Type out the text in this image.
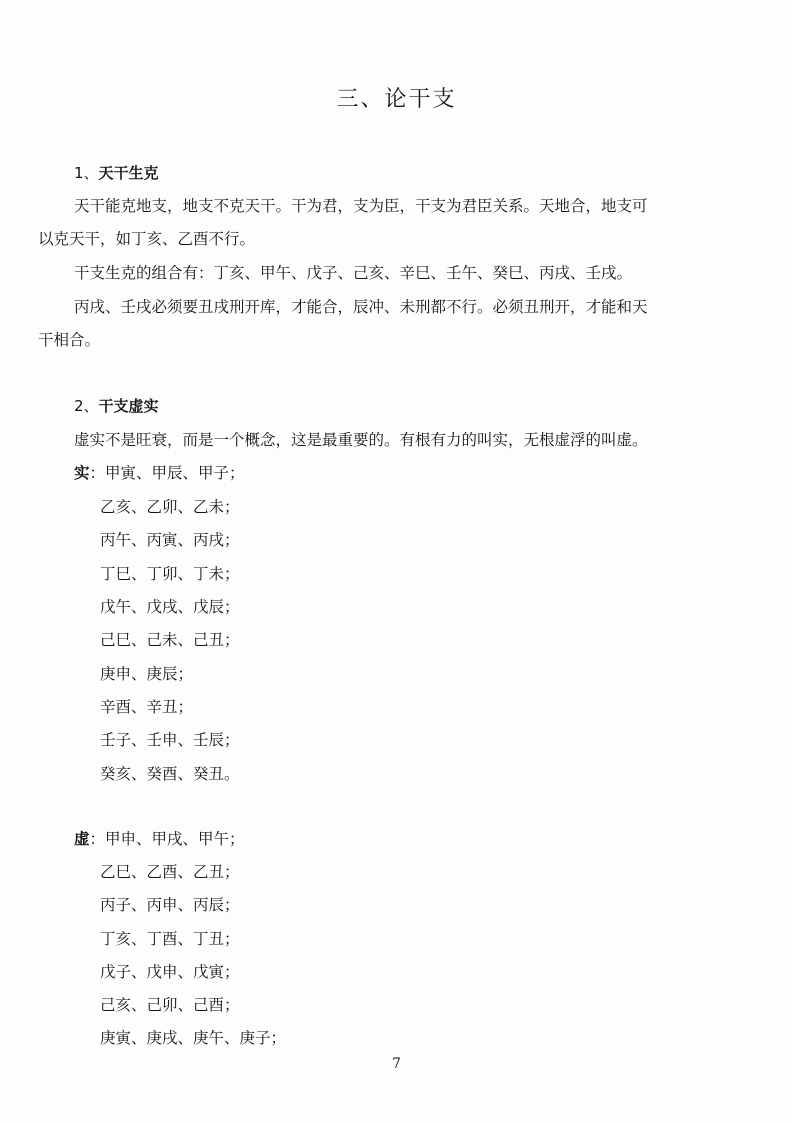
三、论干支
1、天干生克
天干能克地支，地支不克天干。干为君，支为臣，干支为君臣关系。天地合，地支可
以克天干，如丁亥、乙酉不行。
干支生克的组合有：丁亥、甲午、戊子、己亥、辛巳、壬午、癸巳、丙戌、壬戌。
丙戌、壬戌必须要丑戌刑开库，才能合，辰冲、未刑都不行。必须丑刑开，才能和天
干相合。
2、干支虚实
虚实不是旺衰，而是一个概念，这是最重要的。有根有力的叫实，无根虚浮的叫虚。
实：甲寅、甲辰、甲子；
乙亥、乙卯、乙未；
丙午、丙寅、丙戌；
丁巳、丁卯、丁未；
戊午、戊戌、戊辰；
己巳、己未、己丑；
庚申、庚辰；
辛酉、辛丑；
壬子、壬申、壬辰；
癸亥、癸酉、癸丑。
虚：甲申、甲戌、甲午；
乙巳、乙酉、乙丑；
丙子、丙申、丙辰；
丁亥、丁酉、丁丑；
戊子、戊申、戊寅；
己亥、己卯、己酉；
庚寅、庚戌、庚午、庚子；
7
